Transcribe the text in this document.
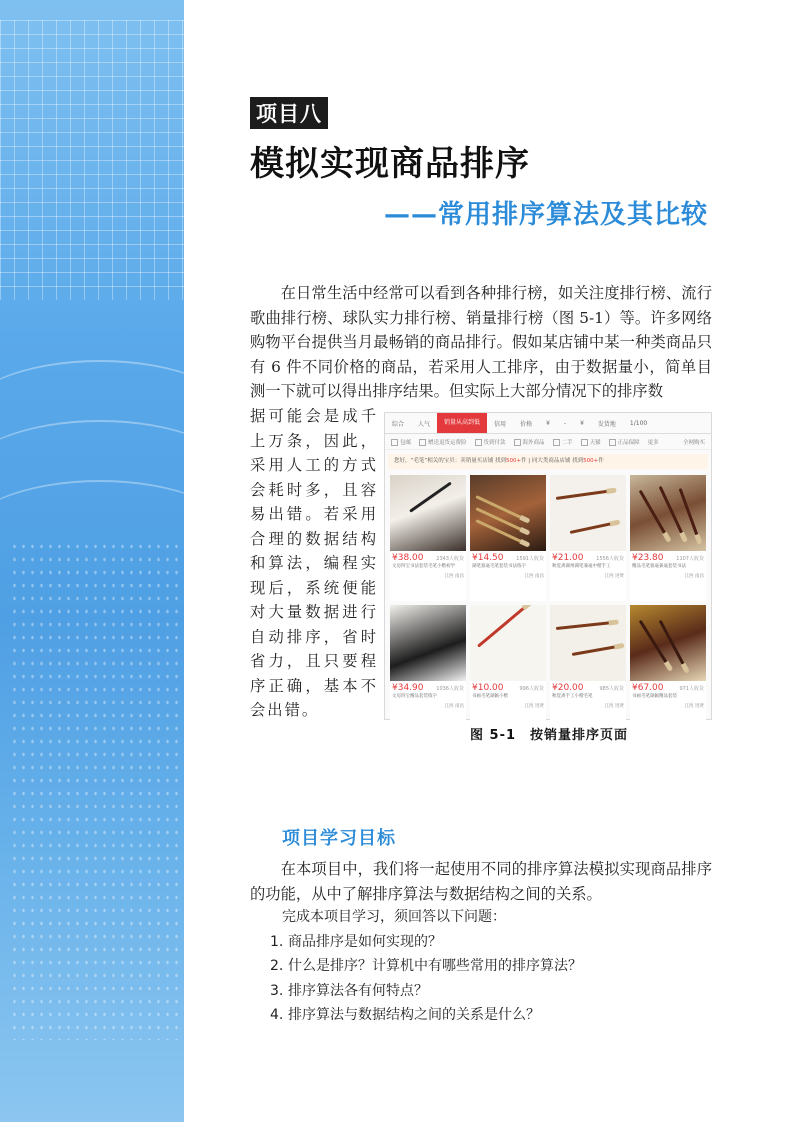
项目八
模拟实现商品排序
——常用排序算法及其比较

在日常生活中经常可以看到各种排行榜，如关注度排行榜、流行歌曲排行榜、球队实力排行榜、销量排行榜（图 5-1）等。许多网络购物平台提供当月最畅销的商品排行。假如某店铺中某一种类商品只有 6 件不同价格的商品，若采用人工排序，由于数据量小，简单目测一下就可以得出排序结果。但实际上大部分情况下的排序数

据可能会是成千上万条，因此，采用人工的方式会耗时多，且容易出错。若采用合理的数据结构和算法，编程实现后，系统便能对大量数据进行自动排序，省时省力，且只要程序正确，基本不会出错。

综合	人气	销量从高到低	信用	价格	¥	-	¥	发货地	1/100
包邮	赠送退货运费险	货到付款	海外商品	二手	天猫	正品保障 更多	全网购买
您好，“毛笔”相关的宝贝：卖销量买店铺 找到500+件 | 同大类商品店铺 找到500+件
¥38.00	2343人收货
文房四宝书法套装毛笔小楷初学
江西 南昌
¥14.50	1591人收货
湖笔狼毫毛笔套装书法练字
江西 南昌
¥21.00	1556人收货
秋觉斋湖州湖笔兼毫中楷手工
江西 进贤
¥23.80	1107人收货
精品毛笔狼毫兼毫套装书法
江西 南昌
¥34.90	1036人收货
文房四宝精品套装练字
江西 南昌
¥10.00	996人收货
书画毛笔湖颖小楷
江西 进贤
¥20.00	985人收货
秋觉斋手工小楷毛笔
江西 进贤
¥67.00	971人收货
书画毛笔湖颖精品套装
江西 进贤

图 5-1　按销量排序页面

项目学习目标

在本项目中，我们将一起使用不同的排序算法模拟实现商品排序的功能，从中了解排序算法与数据结构之间的关系。

完成本项目学习，须回答以下问题：

1. 商品排序是如何实现的？
2. 什么是排序？计算机中有哪些常用的排序算法？
3. 排序算法各有何特点？
4. 排序算法与数据结构之间的关系是什么？
